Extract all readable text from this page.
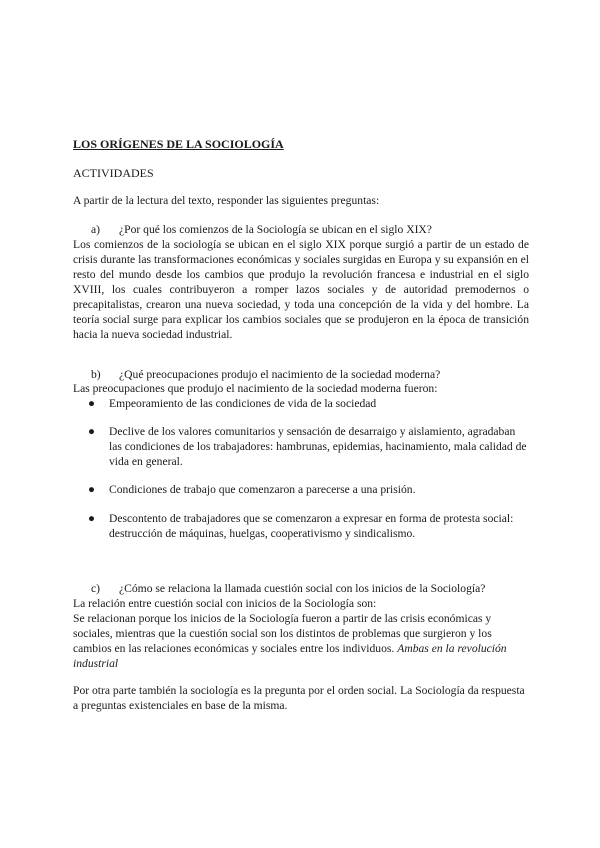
LOS ORÍGENES DE LA SOCIOLOGÍA
ACTIVIDADES
A partir de la lectura del texto, responder las siguientes preguntas:
a) ¿Por qué los comienzos de la Sociología se ubican en el siglo XIX?
Los comienzos de la sociología se ubican en el siglo XIX porque surgió a partir de un estado de crisis durante las transformaciones económicas y sociales surgidas en Europa y su expansión en el resto del mundo desde los cambios que produjo la revolución francesa e industrial en el siglo XVIII, los cuales contribuyeron a romper lazos sociales y de autoridad premodernos o precapitalistas, crearon una nueva sociedad, y toda una concepción de la vida y del hombre. La teoría social surge para explicar los cambios sociales que se produjeron en la época de transición hacia la nueva sociedad industrial.
b) ¿Qué preocupaciones produjo el nacimiento de la sociedad moderna?
Las preocupaciones que produjo el nacimiento de la sociedad moderna fueron:
●	Empeoramiento de las condiciones de vida de la sociedad
●	Declive de los valores comunitarios y sensación de desarraigo y aislamiento, agradaban las condiciones de los trabajadores: hambrunas, epidemias, hacinamiento, mala calidad de vida en general.
●	Condiciones de trabajo que comenzaron a parecerse a una prisión.
●	Descontento de trabajadores que se comenzaron a expresar en forma de protesta social: destrucción de máquinas, huelgas, cooperativismo y sindicalismo.
c) ¿Cómo se relaciona la llamada cuestión social con los inicios de la Sociología?
La relación entre cuestión social con inicios de la Sociología son:
Se relacionan porque los inicios de la Sociología fueron a partir de las crisis económicas y sociales, mientras que la cuestión social son los distintos de problemas que surgieron y los cambios en las relaciones económicas y sociales entre los individuos. Ambas en la revolución industrial
Por otra parte también la sociología es la pregunta por el orden social. La Sociología da respuesta a preguntas existenciales en base de la misma.
